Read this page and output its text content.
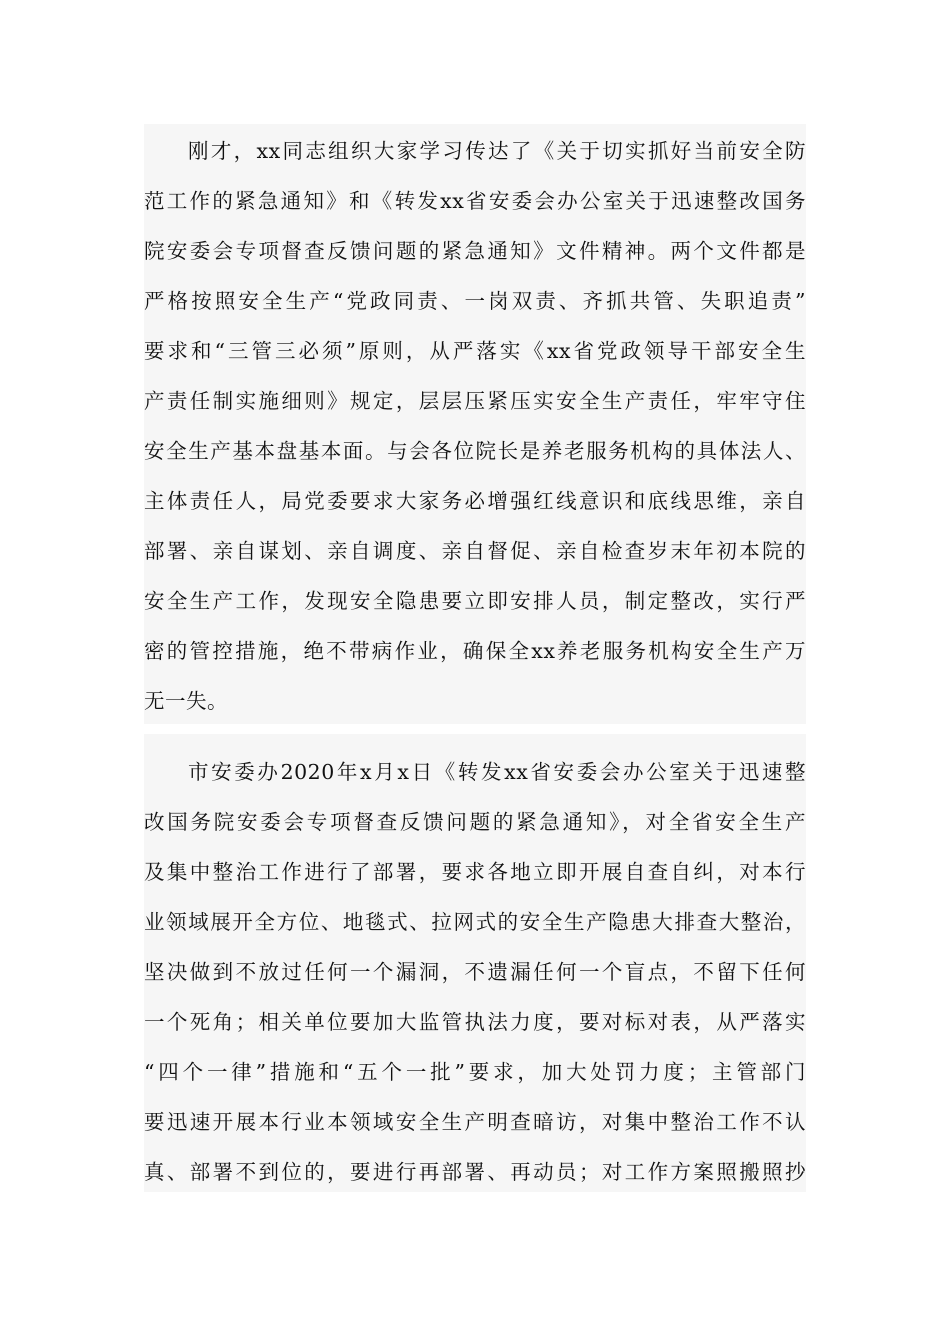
刚才，xx同志组织大家学习传达了《关于切实抓好当前安全防
范工作的紧急通知》和《转发xx省安委会办公室关于迅速整改国务
院安委会专项督查反馈问题的紧急通知》文件精神。两个文件都是
严格按照安全生产“党政同责、一岗双责、齐抓共管、失职追责”
要求和“三管三必须”原则，从严落实《xx省党政领导干部安全生
产责任制实施细则》规定，层层压紧压实安全生产责任，牢牢守住
安全生产基本盘基本面。与会各位院长是养老服务机构的具体法人、
主体责任人，局党委要求大家务必增强红线意识和底线思维，亲自
部署、亲自谋划、亲自调度、亲自督促、亲自检查岁末年初本院的
安全生产工作，发现安全隐患要立即安排人员，制定整改，实行严
密的管控措施，绝不带病作业，确保全xx养老服务机构安全生产万
无一失。
市安委办2020年x月x日《转发xx省安委会办公室关于迅速整
改国务院安委会专项督查反馈问题的紧急通知》，对全省安全生产
及集中整治工作进行了部署，要求各地立即开展自查自纠，对本行
业领域展开全方位、地毯式、拉网式的安全生产隐患大排查大整治，
坚决做到不放过任何一个漏洞，不遗漏任何一个盲点，不留下任何
一个死角；相关单位要加大监管执法力度，要对标对表，从严落实
“四个一律”措施和“五个一批”要求，加大处罚力度；主管部门
要迅速开展本行业本领域安全生产明查暗访，对集中整治工作不认
真、部署不到位的，要进行再部署、再动员；对工作方案照搬照抄
